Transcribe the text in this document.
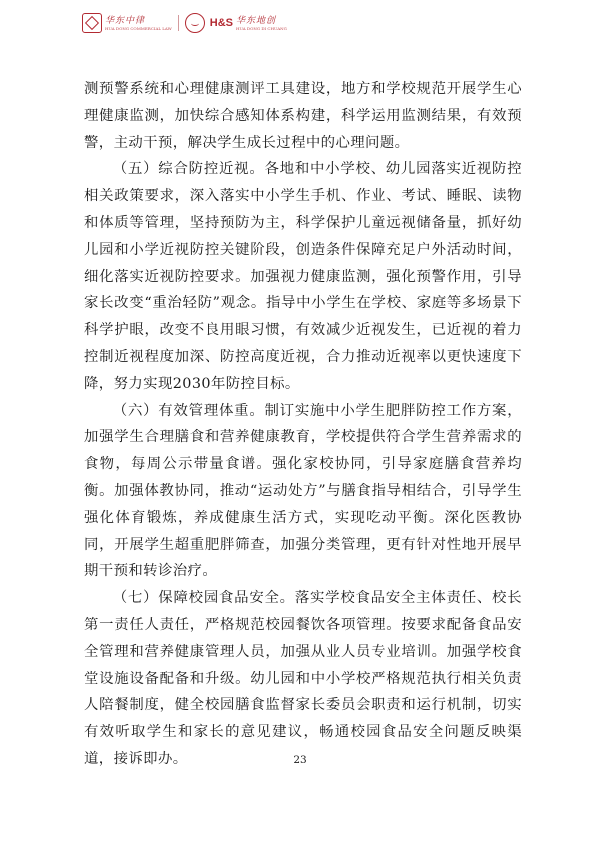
华东中律
HUA DONG COMMERCIAL LAW	H&S 华东地创
HUA DONG DI CHUANG

测预警系统和心理健康测评工具建设，地方和学校规范开展学生心理健康监测，加快综合感知体系构建，科学运用监测结果，有效预警，主动干预，解决学生成长过程中的心理问题。

（五）综合防控近视。各地和中小学校、幼儿园落实近视防控相关政策要求，深入落实中小学生手机、作业、考试、睡眠、读物和体质等管理，坚持预防为主，科学保护儿童远视储备量，抓好幼儿园和小学近视防控关键阶段，创造条件保障充足户外活动时间，细化落实近视防控要求。加强视力健康监测，强化预警作用，引导家长改变“重治轻防”观念。指导中小学生在学校、家庭等多场景下科学护眼，改变不良用眼习惯，有效减少近视发生，已近视的着力控制近视程度加深、防控高度近视，合力推动近视率以更快速度下降，努力实现2030年防控目标。

（六）有效管理体重。制订实施中小学生肥胖防控工作方案，加强学生合理膳食和营养健康教育，学校提供符合学生营养需求的食物，每周公示带量食谱。强化家校协同，引导家庭膳食营养均衡。加强体教协同，推动“运动处方”与膳食指导相结合，引导学生强化体育锻炼，养成健康生活方式，实现吃动平衡。深化医教协同，开展学生超重肥胖筛查，加强分类管理，更有针对性地开展早期干预和转诊治疗。

（七）保障校园食品安全。落实学校食品安全主体责任、校长第一责任人责任，严格规范校园餐饮各项管理。按要求配备食品安全管理和营养健康管理人员，加强从业人员专业培训。加强学校食堂设施设备配备和升级。幼儿园和中小学校严格规范执行相关负责人陪餐制度，健全校园膳食监督家长委员会职责和运行机制，切实有效听取学生和家长的意见建议，畅通校园食品安全问题反映渠道，接诉即办。	23
